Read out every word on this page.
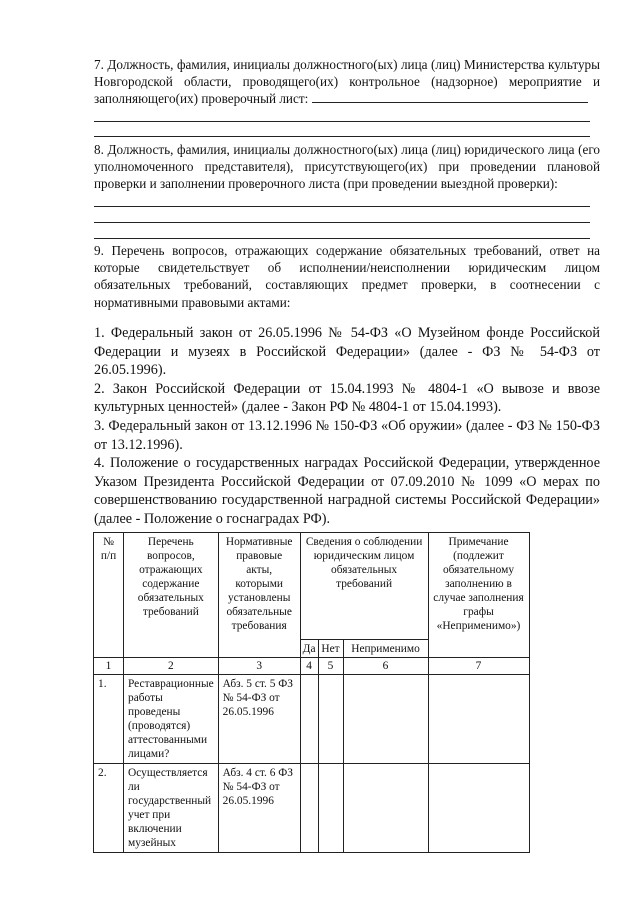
7. Должность, фамилия, инициалы должностного(ых) лица (лиц) Министерства культуры Новгородской области, проводящего(их) контрольное (надзорное) мероприятие и заполняющего(их) проверочный лист:

8. Должность, фамилия, инициалы должностного(ых) лица (лиц) юридического лица (его уполномоченного представителя), присутствующего(их) при проведении плановой проверки и заполнении проверочного листа (при проведении выездной проверки):

9. Перечень вопросов, отражающих содержание обязательных требований, ответ на которые свидетельствует об исполнении/неисполнении юридическим лицом обязательных требований, составляющих предмет проверки, в соотнесении с нормативными правовыми актами:

1. Федеральный закон от 26.05.1996 № 54-ФЗ «О Музейном фонде Российской Федерации и музеях в Российской Федерации» (далее - ФЗ № 54-ФЗ от 26.05.1996).

2. Закон Российской Федерации от 15.04.1993 № 4804-1 «О вывозе и ввозе культурных ценностей» (далее - Закон РФ № 4804-1 от 15.04.1993).

3. Федеральный закон от 13.12.1996 № 150-ФЗ «Об оружии» (далее - ФЗ № 150-ФЗ от 13.12.1996).

4. Положение о государственных наградах Российской Федерации, утвержденное Указом Президента Российской Федерации от 07.09.2010 № 1099 «О мерах по совершенствованию государственной наградной системы Российской Федерации» (далее - Положение о госнаградах РФ).

№ п/п	Перечень вопросов, отражающих содержание обязательных требований	Нормативные правовые акты, которыми установлены обязательные требования	Сведения о соблюдении юридическим лицом обязательных требований			Примечание (подлежит обязательному заполнению в случае заполнения графы «Неприменимо»)
			Да	Нет	Неприменимо	
1	2	3	4	5	6	7
1.	Реставрационные работы проведены (проводятся) аттестованными лицами?	Абз. 5 ст. 5 ФЗ № 54-ФЗ от 26.05.1996				
2.	Осуществляется ли государственный учет при включении музейных	Абз. 4 ст. 6 ФЗ № 54-ФЗ от 26.05.1996				
